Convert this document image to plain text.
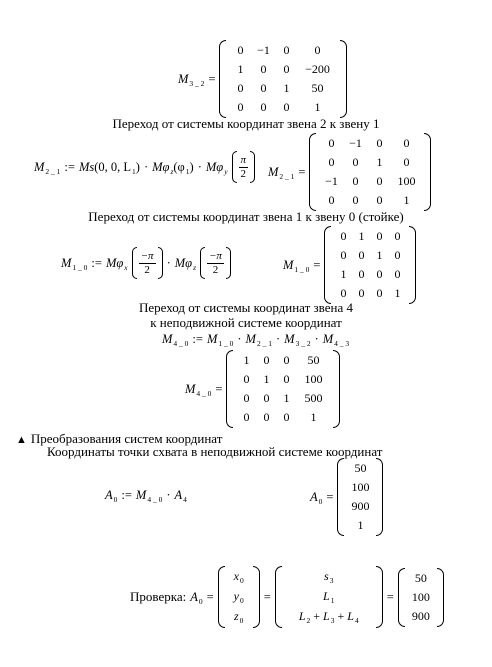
$M_{3 \_ 2}$ =
0	−1	0	0
1	0	0	−200
0	0	1	50
0	0	0	1
Переход от системы координат звена 2 к звену 1
$M_{2 \_ 1}$ := Ms(0, 0, $L_1) \cdot M\varphi_z(\varphi_1) \cdot M\varphi_y \frac{\pi}{2} M_{2 \_ 1}$ =
0	−1	0	0
0	0	1	0
−1	0	0	100
0	0	0	1
Переход от системы координат звена 1 к звену 0 (стойке)
$M_{1 \_ 0}$ := $M\varphi_x \frac{-\pi}{2} \cdot M\varphi_z \frac{-\pi}{2}$	$M_{1 \_ 0}$ =
0	1	0	0
0	0	1	0
1	0	0	0
0	0	0	1
Переход от системы координат звена 4
к неподвижной системе координат
$M_{4 \_ 0}$ := $M_{1 \_ 0} \cdot M_{2 \_ 1} \cdot M_{3 \_ 2} \cdot M_{4 \_ 3}$
$M_{4 \_ 0}$ =
1	0	0	50
0	1	0	100
0	0	1	500
0	0	0	1
▲ Преобразования систем координат
Координаты точки схвата в неподвижной системе координат
$A_0$ := $M_{4 \_ 0} \cdot A_4$	$A_0$ =
50
100
900
1
Проверка: $A_0$ =
$x_0$
$y_0$
$z_0$
=
$s_3$
$L_1$
$L_2 + L_3 + L_4$
=
50
100
900
